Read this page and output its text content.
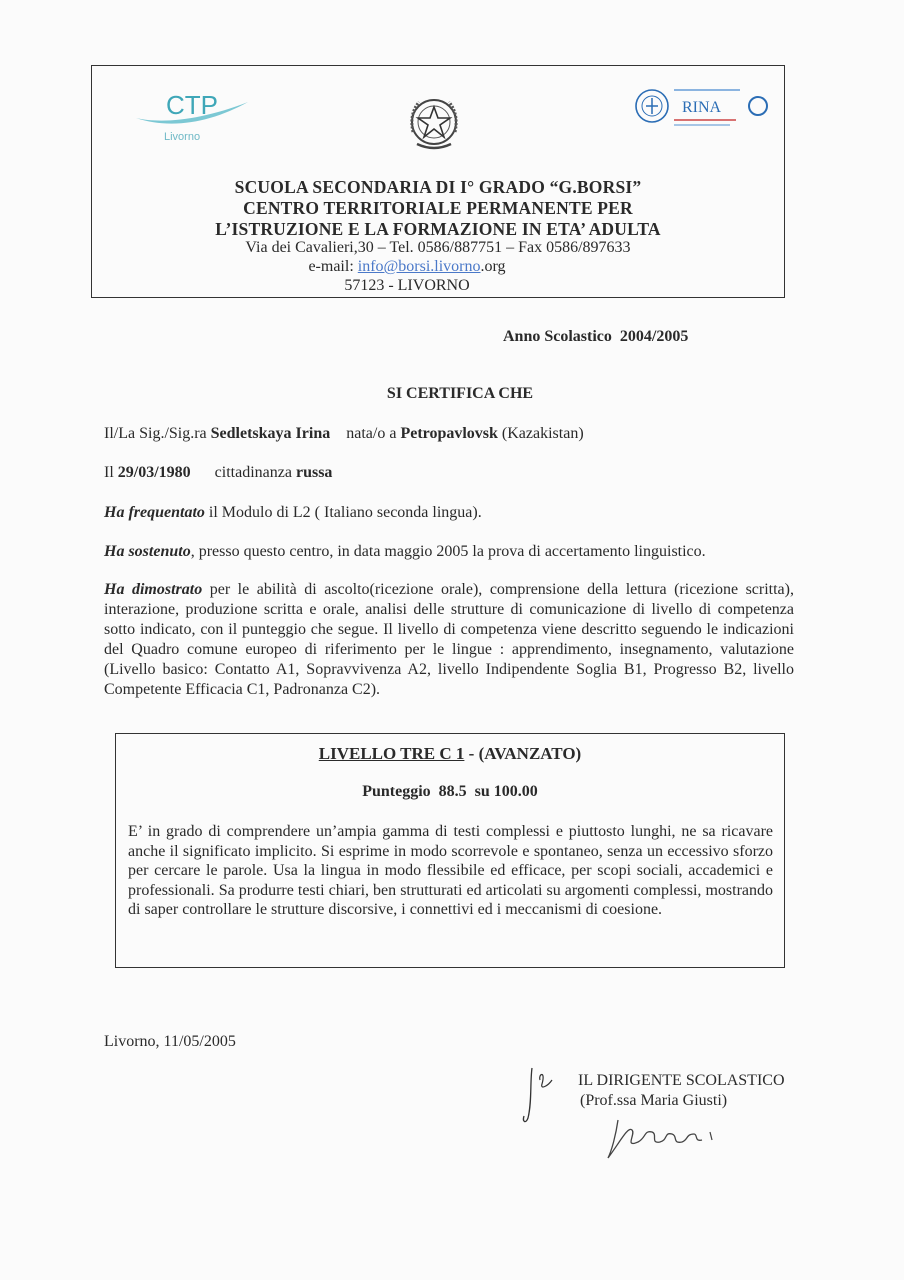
CTP
Livorno
RINA
SCUOLA SECONDARIA DI I° GRADO “G.BORSI”
CENTRO TERRITORIALE PERMANENTE PER
L’ISTRUZIONE E LA FORMAZIONE IN ETA’ ADULTA
Via dei Cavalieri,30 – Tel. 0586/887751 – Fax 0586/897633
e-mail: info@borsi.livorno.org
57123 - LIVORNO
Anno Scolastico 2004/2005
SI CERTIFICA CHE
Il/La Sig./Sig.ra Sedletskaya Irina nata/o a Petropavlovsk (Kazakistan)
Il 29/03/1980 cittadinanza russa
Ha frequentato il Modulo di L2 ( Italiano seconda lingua).
Ha sostenuto, presso questo centro, in data maggio 2005 la prova di accertamento linguistico.
Ha dimostrato per le abilità di ascolto(ricezione orale), comprensione della lettura (ricezione scritta), interazione, produzione scritta e orale, analisi delle strutture di comunicazione di livello di competenza sotto indicato, con il punteggio che segue. Il livello di competenza viene descritto seguendo le indicazioni del Quadro comune europeo di riferimento per le lingue : apprendimento, insegnamento, valutazione (Livello basico: Contatto A1, Sopravvivenza A2, livello Indipendente Soglia B1, Progresso B2, livello Competente Efficacia C1, Padronanza C2).
LIVELLO TRE C 1 - (AVANZATO)
Punteggio 88.5 su 100.00
E’ in grado di comprendere un’ampia gamma di testi complessi e piuttosto lunghi, ne sa ricavare anche il significato implicito. Si esprime in modo scorrevole e spontaneo, senza un eccessivo sforzo per cercare le parole. Usa la lingua in modo flessibile ed efficace, per scopi sociali, accademici e professionali. Sa produrre testi chiari, ben strutturati ed articolati su argomenti complessi, mostrando di saper controllare le strutture discorsive, i connettivi ed i meccanismi di coesione.
Livorno, 11/05/2005
IL DIRIGENTE SCOLASTICO
(Prof.ssa Maria Giusti)
